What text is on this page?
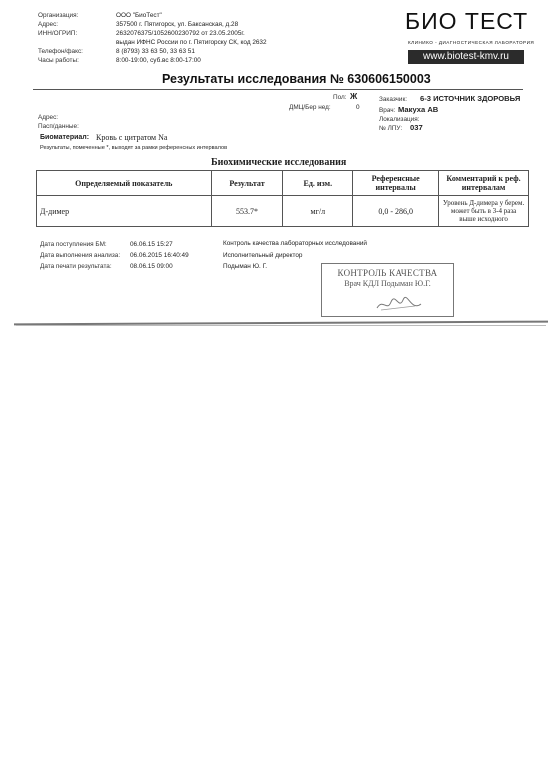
Организация:	ООО "БиоТест"
Адрес:	357500 г. Пятигорск, ул. Баксанская, д.28
ИНН/ОГРИП:	2632076375/1052600230792 от 23.05.2005г.
выдан ИФНС России по г. Пятигорску СК, код 2632
Телефон/факс:	8 (8793) 33 63 50, 33 63 51
Часы работы:	8:00-19:00, суб.вс 8:00-17:00
БИО ТЕСТ
КЛИНИКО - ДИАГНОСТИЧЕСКАЯ ЛАБОРАТОРИЯ
www.biotest-kmv.ru
Результаты исследования № 630606150003
Адрес:
Пасп/данные:
Пол: Ж
ДМЦ/Бер нед:	0
Заказчик: 6-3 ИСТОЧНИК ЗДОРОВЬЯ
Врач: Макуха АВ
Локализация:
№ ЛПУ: 037
Биоматериал: Кровь с цитратом Na
Результаты, помеченные *, выходят за рамки референсных интервалов
Биохимические исследования
Определяемый показатель	Результат	Ед. изм.	Референсные интервалы	Комментарий к реф. интервалам
Д-димер	553.7*	мг/л	0,0 - 286,0	Уровень Д-димера у берем. может быть в 3-4 раза выше исходного
Дата поступления БМ:	06.06.15 15:27
Дата выполнения анализа: 06.06.2015 16:40:49
Дата печати результата:	08.06.15 09:00
Контроль качества лабораторных исследований
Исполнительный директор
Подыман Ю. Г.
КОНТРОЛЬ КАЧЕСТВА
Врач КДЛ Подыман Ю.Г.
